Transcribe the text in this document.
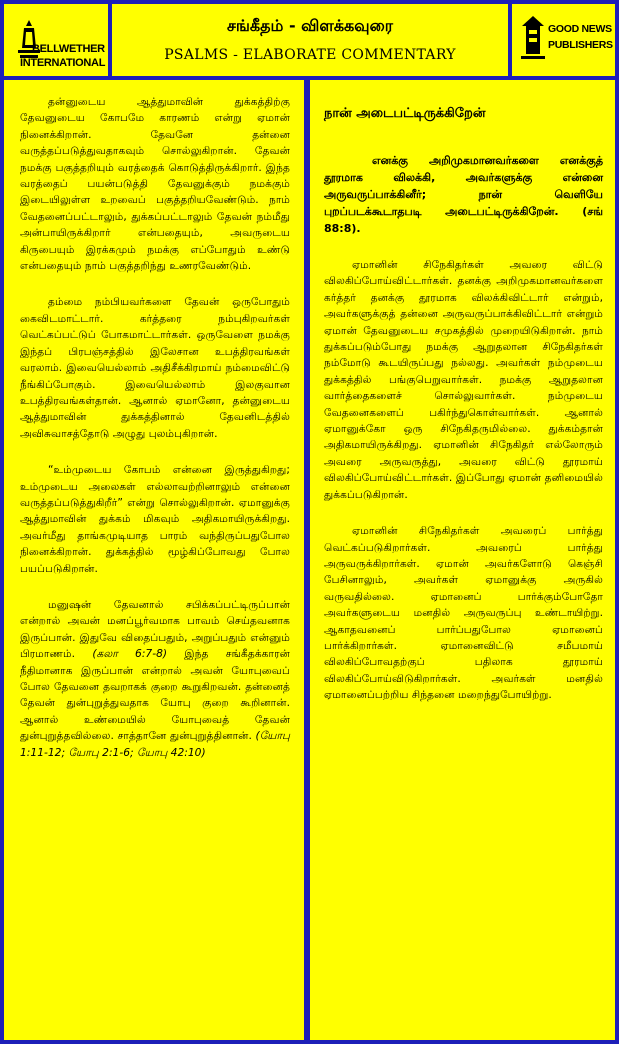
BELLWETHER
INTERNATIONAL
சங்கீதம் - விளக்கவுரை
PSALMS - ELABORATE COMMENTARY
GOOD NEWS
PUBLISHERS

தன்னுடைய ஆத்துமாவின் துக்கத்திற்கு தேவனுடைய கோபமே காரணம் என்று ஏமான் நினைக்கிறான். தேவனே தன்னை வருத்தப்படுத்துவதாகவும் சொல்லுகிறான். தேவன் நமக்கு பகுத்தறியும் வரத்தைக் கொடுத்திருக்கிறார். இந்த வரத்தைப் பயன்படுத்தி தேவனுக்கும் நமக்கும் இடையிலுள்ள உறவைப் பகுத்தறியவேண்டும். நாம் வேதனைப்பட்டாலும், துக்கப்பட்டாலும் தேவன் நம்மீது அன்பாயிருக்கிறார் என்பதையும், அவருடைய கிருபையும் இரக்கமும் நமக்கு எப்போதும் உண்டு என்பதையும் நாம் பகுத்தறிந்து உணரவேண்டும்.

தம்மை நம்பியவர்களை தேவன் ஒருபோதும் கைவிடமாட்டார். கர்த்தரை நம்புகிறவர்கள் வெட்கப்பட்டுப் போகமாட்டார்கள். ஒருவேளை நமக்கு இந்தப் பிரபஞ்சத்தில் இலேசான உபத்திரவங்கள் வரலாம். இவையெல்லாம் அதிசீக்கிரமாய் நம்மைவிட்டு நீங்கிப்போகும். இவையெல்லாம் இலகுவான உபத்திரவங்கள்தான். ஆனால் ஏமானோ, தன்னுடைய ஆத்துமாவின் துக்கத்தினால் தேவனிடத்தில் அவிசுவாசத்தோடு அழுது புலம்புகிறான்.

“உம்முடைய கோபம் என்னை இருத்துகிறது; உம்முடைய அலைகள் எல்லாவற்றினாலும் என்னை வருத்தப்படுத்துகிறீர்” என்று சொல்லுகிறான். ஏமானுக்கு ஆத்துமாவின் துக்கம் மிகவும் அதிகமாயிருக்கிறது. அவர்மீது தாங்கமுடியாத பாரம் வந்திருப்பதுபோல நினைக்கிறான். துக்கத்தில் மூழ்கிப்போவது போல பயப்படுகிறான்.

மனுஷன் தேவனால் சபிக்கப்பட்டிருப்பான் என்றால் அவன் மனப்பூர்வமாக பாவம் செய்தவனாக இருப்பான். இதுவே விதைப்பதும், அறுப்பதும் என்னும் பிரமாணம். (கலா 6:7-8) இந்த சங்கீதக்காரன் நீதிமானாக இருப்பான் என்றால் அவன் யோபுவைப் போல தேவனை தவறாகக் குறை கூறுகிறவன். தன்னைத் தேவன் துன்புறுத்துவதாக யோபு குறை கூறினான். ஆனால் உண்மையில் யோபுவைத் தேவன் துன்புறுத்தவில்லை. சாத்தானே துன்புறுத்தினான். (யோபு 1:11-12; யோபு 2:1-6; யோபு 42:10)

நான் அடைபட்டிருக்கிறேன்

எனக்கு அறிமுகமானவர்களை எனக்குத் தூரமாக விலக்கி, அவர்களுக்கு என்னை அருவருப்பாக்கினீர்; நான் வெளியே புறப்படக்கூடாதபடி அடைபட்டிருக்கிறேன். (சங் 88:8).

ஏமானின் சிநேகிதர்கள் அவரை விட்டு விலகிப்போய்விட்டார்கள். தனக்கு அறிமுகமானவர்களை கர்த்தர் தனக்கு தூரமாக விலக்கிவிட்டார் என்றும், அவர்களுக்குத் தன்னை அருவருப்பாக்கிவிட்டார் என்றும் ஏமான் தேவனுடைய சமுகத்தில் முறையிடுகிறான். நாம் துக்கப்படும்போது நமக்கு ஆறுதலான சிநேகிதர்கள் நம்மோடு கூடயிருப்பது நல்லது. அவர்கள் நம்முடைய துக்கத்தில் பங்குபெறுவார்கள். நமக்கு ஆறுதலான வார்த்தைகளைச் சொல்லுவார்கள். நம்முடைய வேதனைகளைப் பகிர்ந்துகொள்வார்கள். ஆனால் ஏமானுக்கோ ஒரு சிநேகிதருமில்லை. துக்கம்தான் அதிகமாயிருக்கிறது. ஏமானின் சிநேகிதர் எல்லோரும் அவரை அருவருத்து, அவரை விட்டு தூரமாய் விலகிப்போய்விட்டார்கள். இப்போது ஏமான் தனிமையில் துக்கப்படுகிறான்.

ஏமானின் சிநேகிதர்கள் அவரைப் பார்த்து வெட்கப்படுகிறார்கள். அவரைப் பார்த்து அருவருக்கிறார்கள். ஏமான் அவர்களோடு கெஞ்சி பேசினாலும், அவர்கள் ஏமானுக்கு அருகில் வருவதில்லை. ஏமானைப் பார்க்கும்போதோ அவர்களுடைய மனதில் அருவருப்பு உண்டாயிற்று. ஆகாதவனைப் பார்ப்பதுபோல ஏமானைப் பார்க்கிறார்கள். ஏமானைவிட்டு சமீபமாய் விலகிப்போவதற்குப் பதிலாக தூரமாய் விலகிப்போய்விடுகிறார்கள். அவர்கள் மனதில் ஏமானைப்பற்றிய சிந்தனை மறைந்துபோயிற்று.
